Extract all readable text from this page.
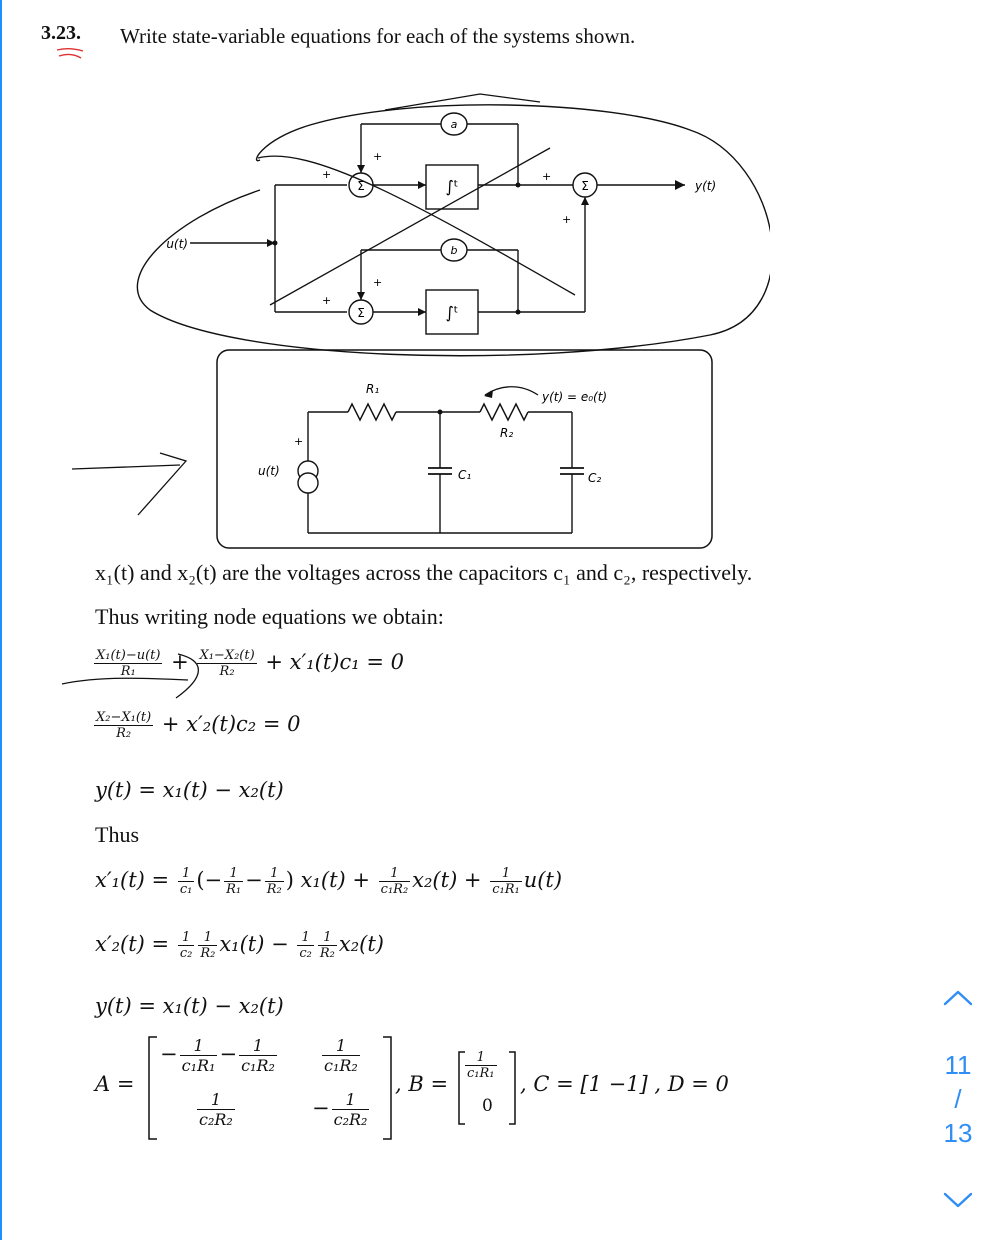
3.23. Write state-variable equations for each of the systems shown.
Σ	∫ᵗ
a
+
+
Σ	y(t)
+
+
Σ	∫ᵗ
b
+
+
u(t)
R₁
R₂
C₁	C₂
u(t)
+
y(t) = e₀(t)
x₁(t) and x₂(t) are the voltages across the capacitors c₁ and c₂, respectively.
Thus writing node equations we obtain:
$\frac{\text{X₁(t)−u(t)}}{\text{R₁}} + \frac{\text{X₁−X₂(t)}}{\text{R₂}} + x'_1(t)c_1 = 0$
$\frac{\text{X₂−X₁(t)}}{\text{R₂}} + x'_2(t)c_2 = 0$
y(t) = x₁(t) − x₂(t)
Thus
$x'_1(t) = \frac{1}{\text{c₁}}$ (− $\frac{1}{\text{R₁}} - \frac{1}{\text{R₂}}$ ) $x_1(t) + \frac{1}{\text{c₁R₂}} x_2(t) + \frac{1}{\text{c₁R₁}} u(t)$
$x'_2(t) = \frac{1}{\text{c₂}} \frac{1}{\text{R₂}} x_1(t) - \frac{1}{\text{c₂}} \frac{1}{\text{R₂}} x_2(t)$
y(t) = x₁(t) − x₂(t)
A =
− $\frac{1}{\text{c₁R₁}} - \frac{1}{\text{c₁R₂}}$	$\frac{1}{\text{c₁R₂}}$
$\frac{1}{\text{c₂R₂}}$	− $\frac{1}{\text{c₂R₂}}$
, B =
$\frac{1}{\text{c₁R₁}}$
0
, C = [1 −1] , D = 0
11
/
13
